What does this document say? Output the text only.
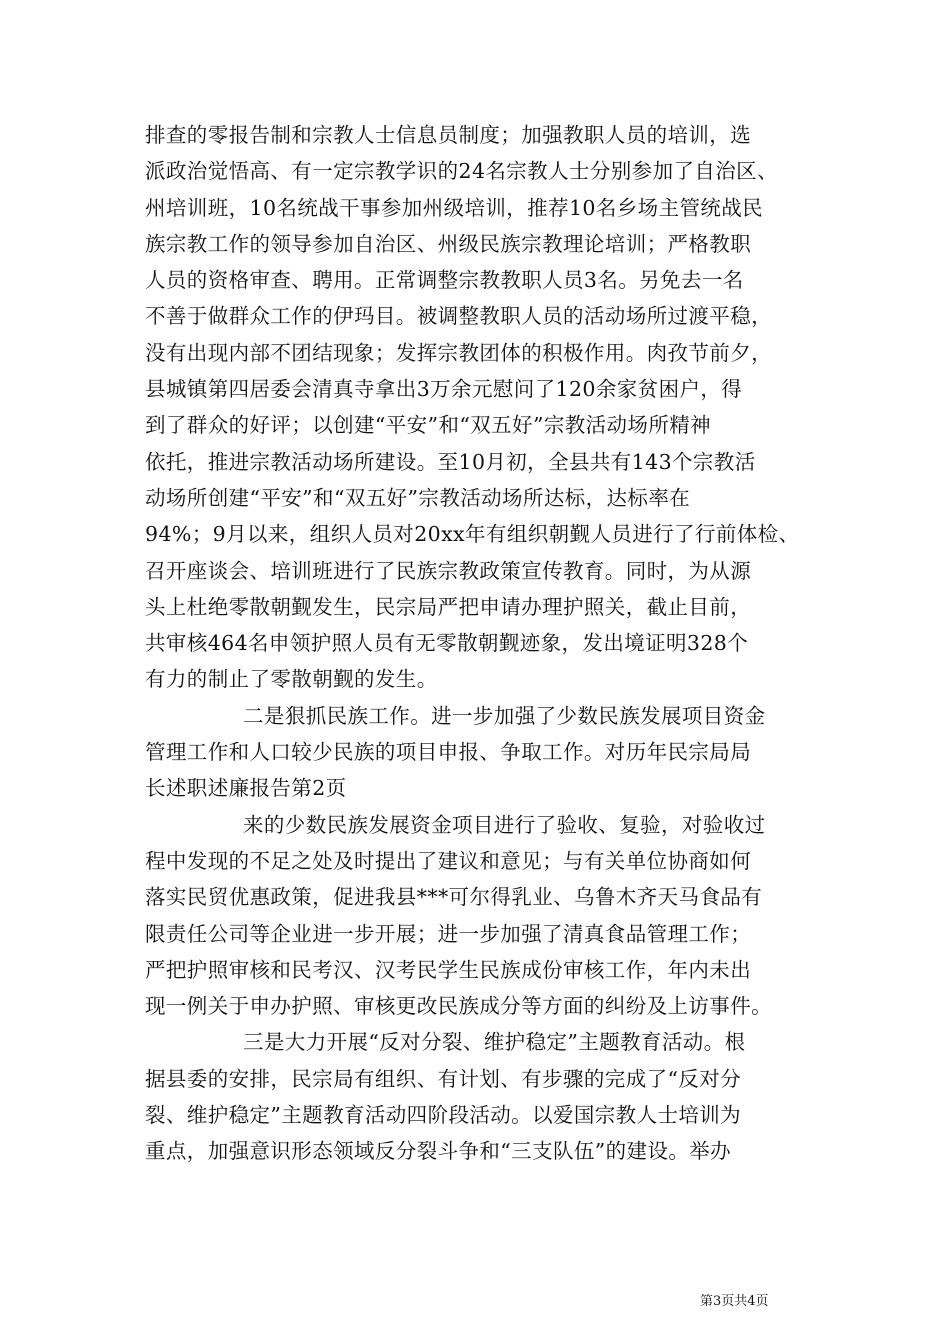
排查的零报告制和宗教人士信息员制度；加强教职人员的培训，选
派政治觉悟高、有一定宗教学识的24名宗教人士分别参加了自治区、
州培训班，10名统战干事参加州级培训，推荐10名乡场主管统战民
族宗教工作的领导参加自治区、州级民族宗教理论培训；严格教职
人员的资格审查、聘用。正常调整宗教教职人员3名。另免去一名
不善于做群众工作的伊玛目。被调整教职人员的活动场所过渡平稳，
没有出现内部不团结现象；发挥宗教团体的积极作用。肉孜节前夕，
县城镇第四居委会清真寺拿出3万余元慰问了120余家贫困户，得
到了群众的好评；以创建“平安”和“双五好”宗教活动场所精神
依托，推进宗教活动场所建设。至10月初，全县共有143个宗教活
动场所创建“平安”和“双五好”宗教活动场所达标，达标率在
94%；9月以来，组织人员对20xx年有组织朝觐人员进行了行前体检、
召开座谈会、培训班进行了民族宗教政策宣传教育。同时，为从源
头上杜绝零散朝觐发生，民宗局严把申请办理护照关，截止目前，
共审核464名申领护照人员有无零散朝觐迹象，发出境证明328个
有力的制止了零散朝觐的发生。
二是狠抓民族工作。进一步加强了少数民族发展项目资金
管理工作和人口较少民族的项目申报、争取工作。对历年民宗局局
长述职述廉报告第2页
来的少数民族发展资金项目进行了验收、复验，对验收过
程中发现的不足之处及时提出了建议和意见；与有关单位协商如何
落实民贸优惠政策，促进我县***可尔得乳业、乌鲁木齐天马食品有
限责任公司等企业进一步开展；进一步加强了清真食品管理工作；
严把护照审核和民考汉、汉考民学生民族成份审核工作，年内未出
现一例关于申办护照、审核更改民族成分等方面的纠纷及上访事件。
三是大力开展“反对分裂、维护稳定”主题教育活动。根
据县委的安排，民宗局有组织、有计划、有步骤的完成了“反对分
裂、维护稳定”主题教育活动四阶段活动。以爱国宗教人士培训为
重点，加强意识形态领域反分裂斗争和“三支队伍”的建设。举办
第3页共4页
